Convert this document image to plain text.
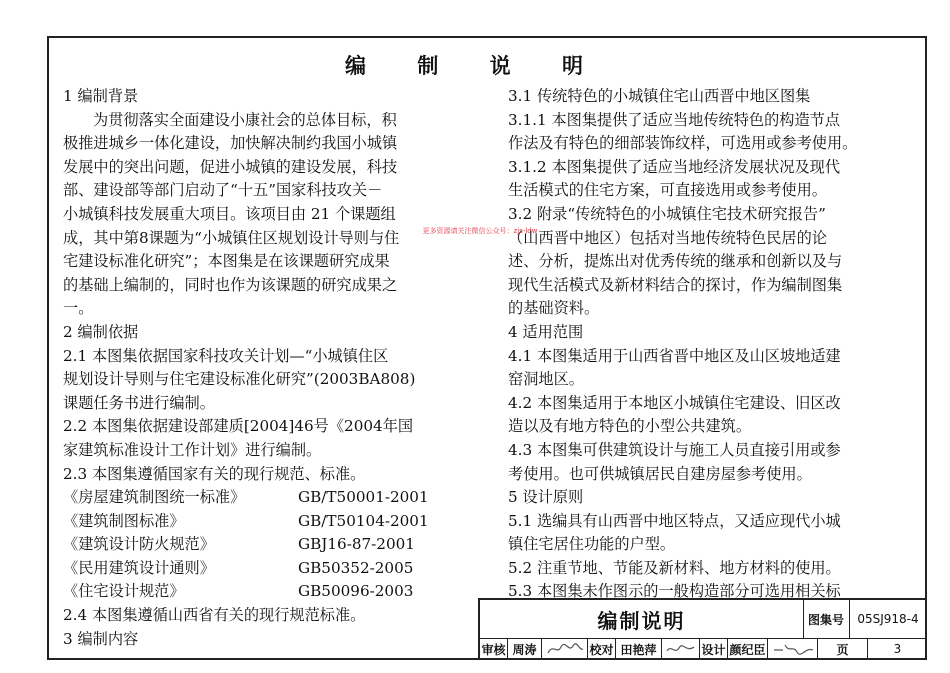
编 制 说 明
更多资源请关注微信公众号：zjs-ldw
1 编制背景
为贯彻落实全面建设小康社会的总体目标，积
极推进城乡一体化建设，加快解决制约我国小城镇
发展中的突出问题，促进小城镇的建设发展，科技
部、建设部等部门启动了“十五”国家科技攻关－
小城镇科技发展重大项目。该项目由 21 个课题组
成，其中第8课题为“小城镇住区规划设计导则与住
宅建设标准化研究”；本图集是在该课题研究成果
的基础上编制的，同时也作为该课题的研究成果之
一。
2 编制依据
2.1 本图集依据国家科技攻关计划—“小城镇住区
规划设计导则与住宅建设标准化研究”(2003BA808)
课题任务书进行编制。
2.2 本图集依据建设部建质[2004]46号《2004年国
家建筑标准设计工作计划》进行编制。
2.3 本图集遵循国家有关的现行规范、标准。
《房屋建筑制图统一标准》	GB/T50001-2001
《建筑制图标准》	GB/T50104-2001
《建筑设计防火规范》	GBJ16-87-2001
《民用建筑设计通则》	GB50352-2005
《住宅设计规范》	GB50096-2003
2.4 本图集遵循山西省有关的现行规范标准。
3 编制内容
3.1 传统特色的小城镇住宅山西晋中地区图集
3.1.1 本图集提供了适应当地传统特色的构造节点
作法及有特色的细部装饰纹样，可选用或参考使用。
3.1.2 本图集提供了适应当地经济发展状况及现代
生活模式的住宅方案，可直接选用或参考使用。
3.2 附录“传统特色的小城镇住宅技术研究报告”
（山西晋中地区）包括对当地传统特色民居的论
述、分析，提炼出对优秀传统的继承和创新以及与
现代生活模式及新材料结合的探讨，作为编制图集
的基础资料。
4 适用范围
4.1 本图集适用于山西省晋中地区及山区坡地适建
窑洞地区。
4.2 本图集适用于本地区小城镇住宅建设、旧区改
造以及有地方特色的小型公共建筑。
4.3 本图集可供建筑设计与施工人员直接引用或参
考使用。也可供城镇居民自建房屋参考使用。
5 设计原则
5.1 选编具有山西晋中地区特点，又适应现代小城
镇住宅居住功能的户型。
5.2 注重节地、节能及新材料、地方材料的使用。
5.3 本图集未作图示的一般构造部分可选用相关标
编制说明	图集号	05SJ918-4
审核 周涛	校对 田艳萍	设计 颜纪臣	页	3
